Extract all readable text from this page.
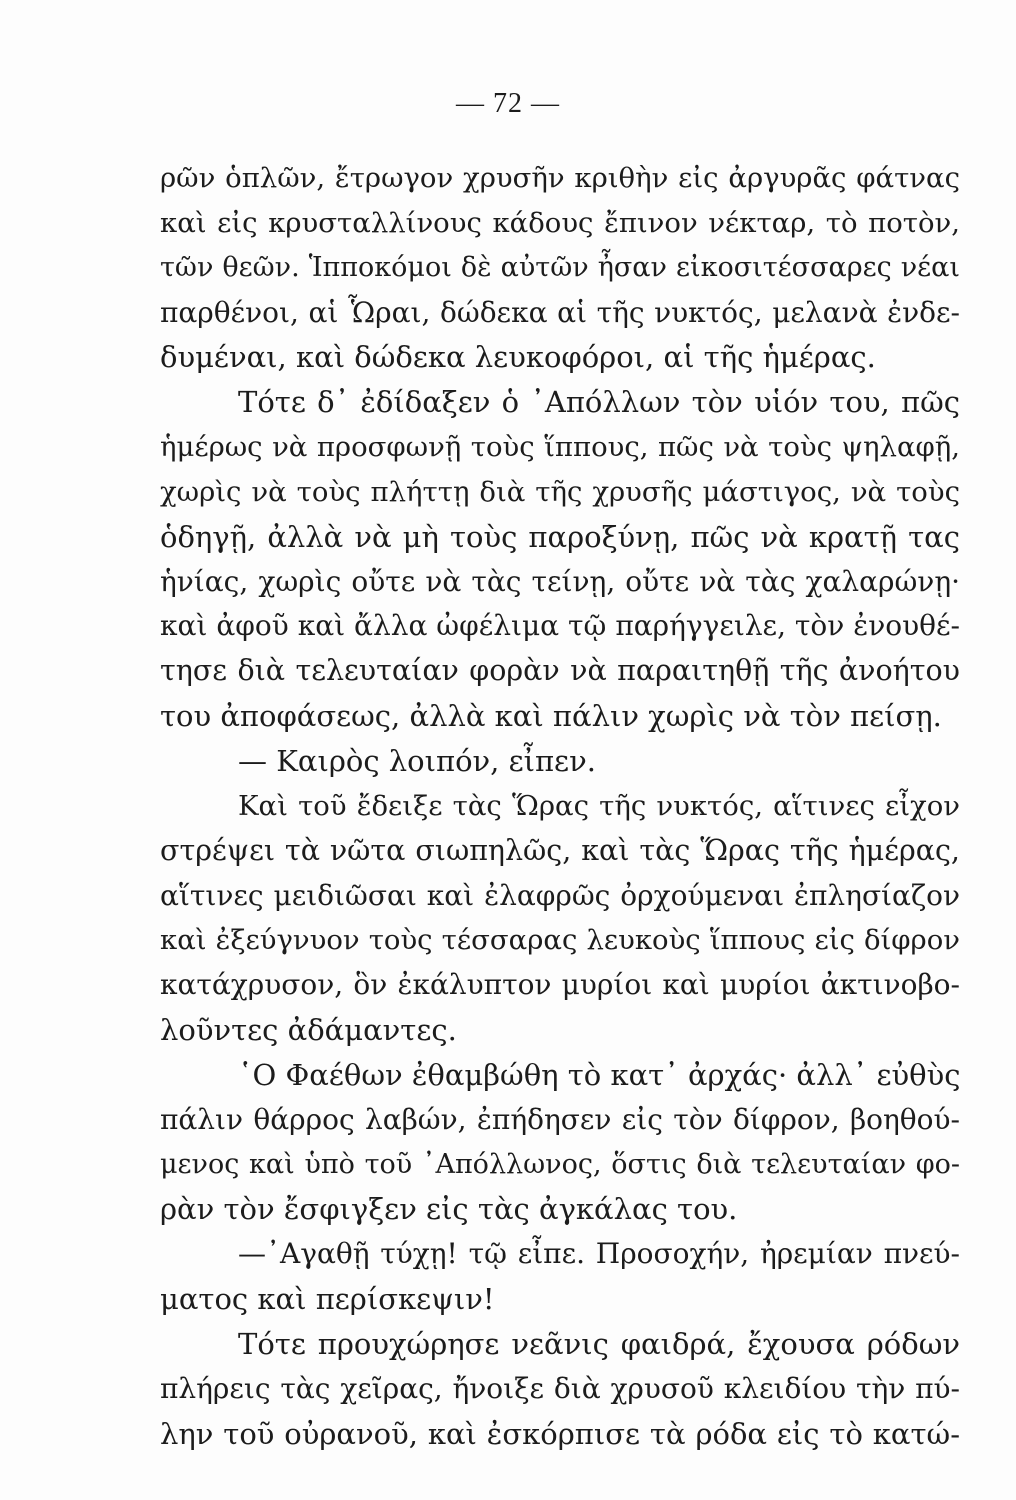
— 72 —
ρῶν ὁπλῶν, ἔτρωγον χρυσῆν κριθὴν εἰς ἀργυρᾶς φάτνας
καὶ εἰς κρυσταλλίνους κάδους ἔπινον νέκταρ, τὸ ποτὸν,
τῶν θεῶν. Ἱπποκόμοι δὲ αὐτῶν ἦσαν εἰκοσιτέσσαρες νέαι
παρθένοι, αἱ Ὧραι, δώδεκα αἱ τῆς νυκτός, μελανὰ ἐνδε-
δυμέναι, καὶ δώδεκα λευκοφόροι, αἱ τῆς ἡμέρας.
Τότε δ᾿ ἐδίδαξεν ὁ ᾿Απόλλων τὸν υἱόν του, πῶς
ἡμέρως νὰ προσφωνῇ τοὺς ἵππους, πῶς νὰ τοὺς ψηλαφῇ,
χωρὶς νὰ τοὺς πλήττῃ διὰ τῆς χρυσῆς μάστιγος, νὰ τοὺς
ὁδηγῇ, ἀλλὰ νὰ μὴ τοὺς παροξύνῃ, πῶς νὰ κρατῇ τας
ἡνίας, χωρὶς οὔτε νὰ τὰς τείνῃ, οὔτε νὰ τὰς χαλαρώνῃ·
καὶ ἀφοῦ καὶ ἄλλα ὠφέλιμα τῷ παρήγγειλε, τὸν ἐνουθέ-
τησε διὰ τελευταίαν φορὰν νὰ παραιτηθῇ τῆς ἀνοήτου
του ἀποφάσεως, ἀλλὰ καὶ πάλιν χωρὶς νὰ τὸν πείσῃ.
— Καιρὸς λοιπόν, εἶπεν.
Καὶ τοῦ ἔδειξε τὰς Ὥρας τῆς νυκτός, αἵτινες εἶχον
στρέψει τὰ νῶτα σιωπηλῶς, καὶ τὰς Ὥρας τῆς ἡμέρας,
αἵτινες μειδιῶσαι καὶ ἐλαφρῶς ὀρχούμεναι ἐπλησίαζον
καὶ ἐξεύγνυον τοὺς τέσσαρας λευκοὺς ἵππους εἰς δίφρον
κατάχρυσον, ὃν ἐκάλυπτον μυρίοι καὶ μυρίοι ἀκτινοβο-
λοῦντες ἀδάμαντες.
῾Ο Φαέθων ἐθαμβώθη τὸ κατ᾿ ἀρχάς· ἀλλ᾿ εὐθὺς
πάλιν θάρρος λαβών, ἐπήδησεν εἰς τὸν δίφρον, βοηθού-
μενος καὶ ὑπὸ τοῦ ᾿Απόλλωνος, ὅστις διὰ τελευταίαν φο-
ρὰν τὸν ἔσφιγξεν εἰς τὰς ἀγκάλας του.
—᾿Αγαθῇ τύχῃ! τῷ εἶπε. Προσοχήν, ἠρεμίαν πνεύ-
ματος καὶ περίσκεψιν!
Τότε προυχώρησε νεᾶνις φαιδρά, ἔχουσα ρόδων
πλήρεις τὰς χεῖρας, ἤνοιξε διὰ χρυσοῦ κλειδίου τὴν πύ-
λην τοῦ οὐρανοῦ, καὶ ἐσκόρπισε τὰ ρόδα εἰς τὸ κατώ-
